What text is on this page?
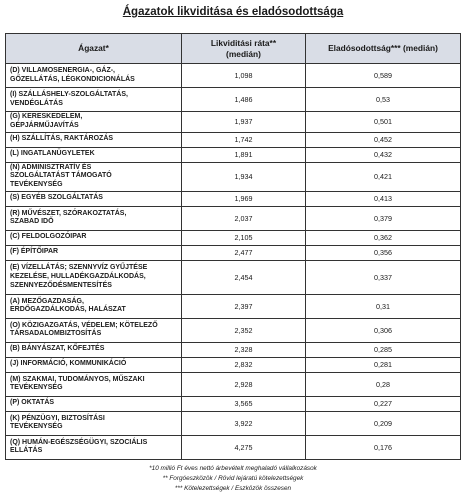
Ágazatok likviditása és eladósodottsága
Ágazat*	Likviditási ráta** (medián)	Eladósodottság*** (medián)

(D) VILLAMOSENERGIA-, GÁZ-, GŐZELLÁTÁS, LÉGKONDICIONÁLÁS	1,098	0,589

(I) SZÁLLÁSHELY-SZOLGÁLTATÁS, VENDÉGLÁTÁS	1,486	0,53

(G) KERESKEDELEM, GÉPJÁRMŰJAVÍTÁS	1,937	0,501

(H) SZÁLLÍTÁS, RAKTÁROZÁS	1,742	0,452

(L) INGATLANÜGYLETEK	1,891	0,432

(N) ADMINISZTRATÍV ÉS SZOLGÁLTATÁST TÁMOGATÓ TEVÉKENYSÉG	1,934	0,421

(S) EGYÉB SZOLGÁLTATÁS	1,969	0,413

(R) MŰVÉSZET, SZÓRAKOZTATÁS, SZABAD IDŐ	2,037	0,379

(C) FELDOLGOZÓIPAR	2,105	0,362

(F) ÉPÍTŐIPAR	2,477	0,356

(E) VÍZELLÁTÁS; SZENNYVÍZ GYŰJTÉSE KEZELÉSE, HULLADÉKGAZDÁLKODÁS, SZENNYEZŐDÉSMENTESÍTÉS	2,454	0,337

(A) MEZŐGAZDASÁG, ERDŐGAZDÁLKODÁS, HALÁSZAT	2,397	0,31

(O) KÖZIGAZGATÁS, VÉDELEM; KÖTELEZŐ TÁRSADALOMBIZTOSÍTÁS	2,352	0,306

(B) BÁNYÁSZAT, KŐFEJTÉS	2,328	0,285

(J) INFORMÁCIÓ, KOMMUNIKÁCIÓ	2,832	0,281

(M) SZAKMAI, TUDOMÁNYOS, MŰSZAKI TEVÉKENYSÉG	2,928	0,28

(P) OKTATÁS	3,565	0,227

(K) PÉNZÜGYI, BIZTOSÍTÁSI TEVÉKENYSÉG	3,922	0,209

(Q) HUMÁN-EGÉSZSÉGÜGYI, SZOCIÁLIS ELLÁTÁS	4,275	0,176
*10 millió Ft éves nettó árbevételt meghaladó vállalkozások
** Forgóeszközök / Rövid lejáratú kötelezettségek
*** Kötelezettségek / Eszközök összesen
